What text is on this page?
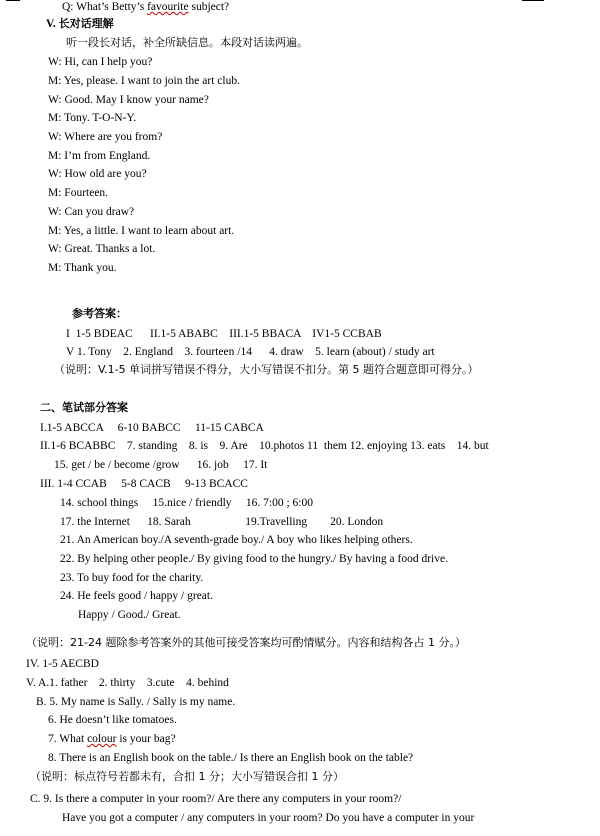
Q: What’s Betty’s favourite subject?
V. 长对话理解
听一段长对话，补全所缺信息。本段对话读两遍。
W: Hi, can I help you?
M: Yes, please. I want to join the art club.
W: Good. May I know your name?
M: Tony. T-O-N-Y.
W: Where are you from?
M: I’m from England.
W: How old are you?
M: Fourteen.
W: Can you draw?
M: Yes, a little. I want to learn about art.
W: Great. Thanks a lot.
M: Thank you.
参考答案：
I  1-5 BDEAC      II.1-5 ABABC    III.1-5 BBACA    IV1-5 CCBAB
V 1. Tony    2. England    3. fourteen /14      4. draw    5. learn (about) / study art
（说明：V.1-5 单词拼写错误不得分，大小写错误不扣分。第 5 题符合题意即可得分。）
二、笔试部分答案
I.1-5 ABCCA     6-10 BABCC     11-15 CABCA
II.1-6 BCABBC    7. standing    8. is    9. Are    10.photos 11  them 12. enjoying 13. eats    14. but
15. get / be / become /grow      16. job     17. It
III. 1-4 CCAB     5-8 CACB     9-13 BCACC
14. school things     15.nice / friendly     16. 7:00 ; 6:00
17. the Internet      18. Sarah                   19.Travelling        20. London
21. An American boy./A seventh-grade boy./ A boy who likes helping others.
22. By helping other people./ By giving food to the hungry./ By having a food drive.
23. To buy food for the charity.
24. He feels good / happy / great.
Happy / Good./ Great.
（说明：21-24 题除参考答案外的其他可接受答案均可酌情赋分。内容和结构各占 1 分。）
IV. 1-5 AECBD
V. A.1. father    2. thirty    3.cute    4. behind
B. 5. My name is Sally. / Sally is my name.
6. He doesn’t like tomatoes.
7. What colour is your bag?
8. There is an English book on the table./ Is there an English book on the table?
（说明：标点符号若都未有，合扣 1 分；大小写错误合扣 1 分）
C. 9. Is there a computer in your room?/ Are there any computers in your room?/
Have you got a computer / any computers in your room? Do you have a computer in your
